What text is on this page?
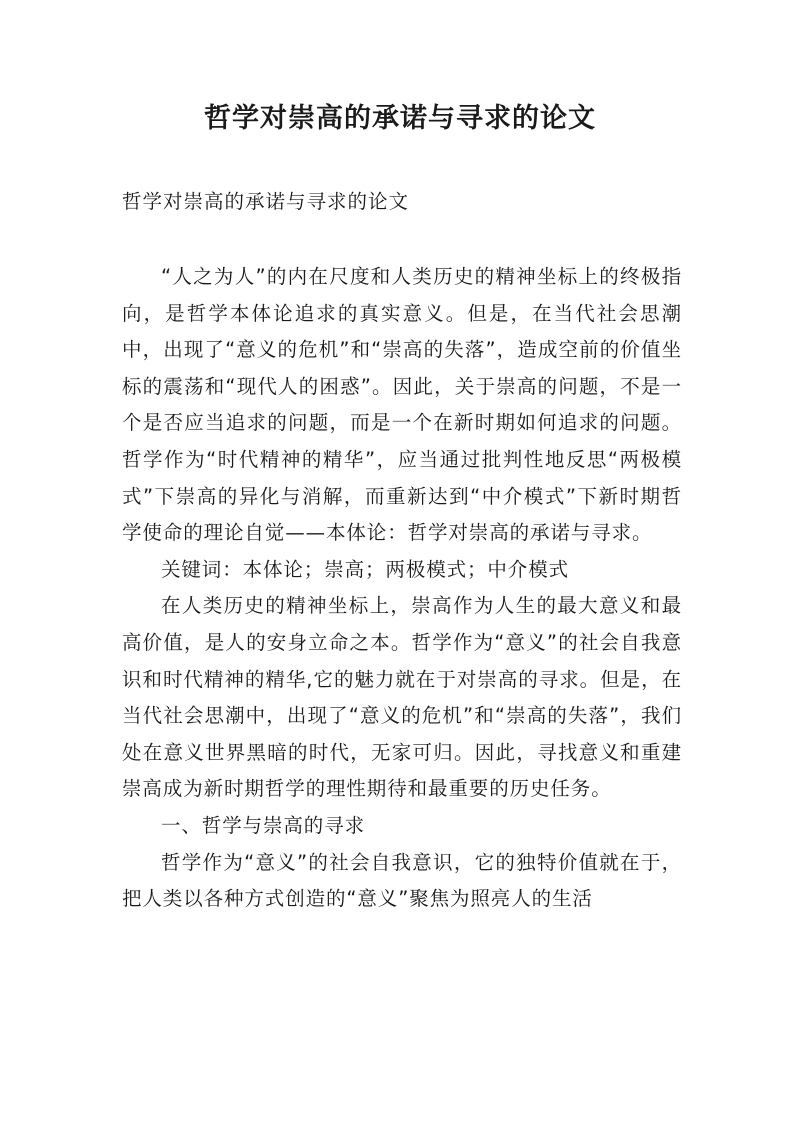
哲学对崇高的承诺与寻求的论文
哲学对崇高的承诺与寻求的论文

“人之为人”的内在尺度和人类历史的精神坐标上的终极指向，是哲学本体论追求的真实意义。但是，在当代社会思潮中，出现了“意义的危机”和“崇高的失落”，造成空前的价值坐标的震荡和“现代人的困惑”。因此，关于崇高的问题，不是一个是否应当追求的问题，而是一个在新时期如何追求的问题。哲学作为“时代精神的精华”，应当通过批判性地反思“两极模式”下崇高的异化与消解，而重新达到“中介模式”下新时期哲学使命的理论自觉——本体论：哲学对崇高的承诺与寻求。

关键词：本体论；崇高；两极模式；中介模式

在人类历史的精神坐标上，崇高作为人生的最大意义和最高价值，是人的安身立命之本。哲学作为“意义”的社会自我意识和时代精神的精华,它的魅力就在于对崇高的寻求。但是，在当代社会思潮中，出现了“意义的危机”和“崇高的失落”，我们处在意义世界黑暗的时代，无家可归。因此，寻找意义和重建崇高成为新时期哲学的理性期待和最重要的历史任务。

一、哲学与崇高的寻求

哲学作为“意义”的社会自我意识，它的独特价值就在于，把人类以各种方式创造的“意义”聚焦为照亮人的生活
